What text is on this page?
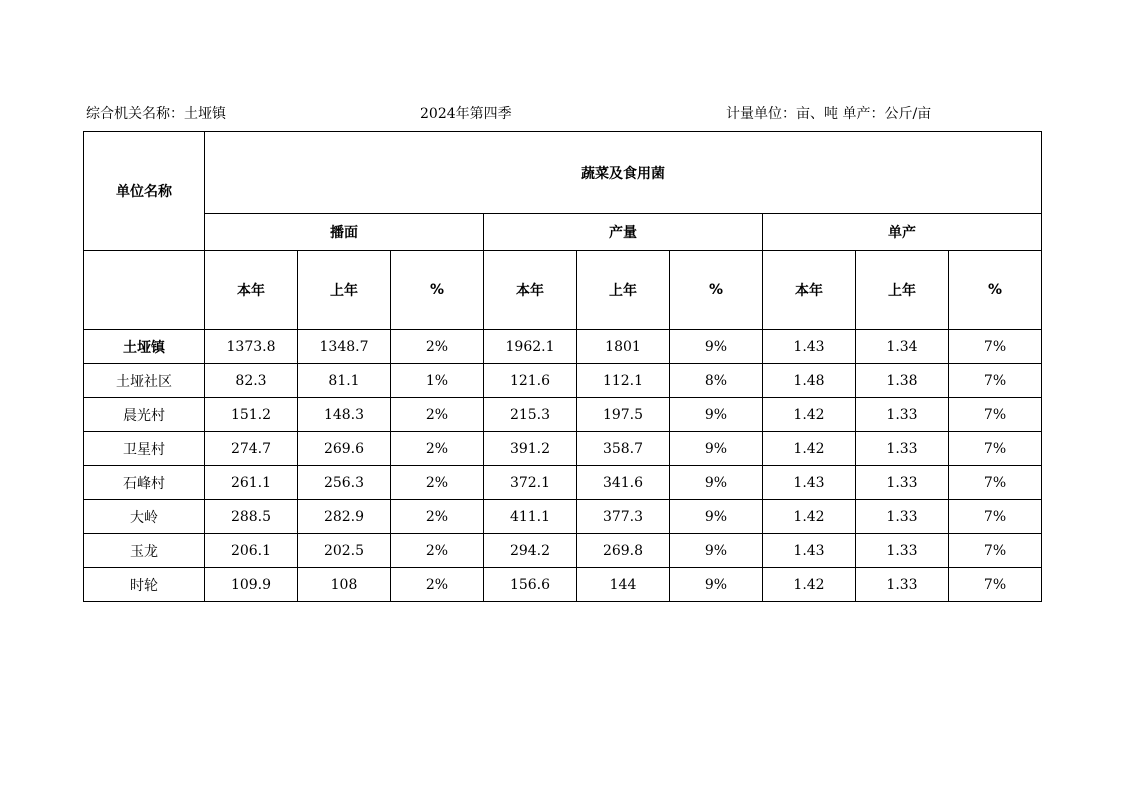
综合机关名称：土垭镇	2024年第四季	计量单位：亩、吨 单产：公斤/亩
单位名称	蔬菜及食用菌								
	播面			产量			单产		
	本年	上年	%	本年	上年	%	本年	上年	%
土垭镇	1373.8	1348.7	2%	1962.1	1801	9%	1.43	1.34	7%
土垭社区	82.3	81.1	1%	121.6	112.1	8%	1.48	1.38	7%
晨光村	151.2	148.3	2%	215.3	197.5	9%	1.42	1.33	7%
卫星村	274.7	269.6	2%	391.2	358.7	9%	1.42	1.33	7%
石峰村	261.1	256.3	2%	372.1	341.6	9%	1.43	1.33	7%
大岭	288.5	282.9	2%	411.1	377.3	9%	1.42	1.33	7%
玉龙	206.1	202.5	2%	294.2	269.8	9%	1.43	1.33	7%
时轮	109.9	108	2%	156.6	144	9%	1.42	1.33	7%
